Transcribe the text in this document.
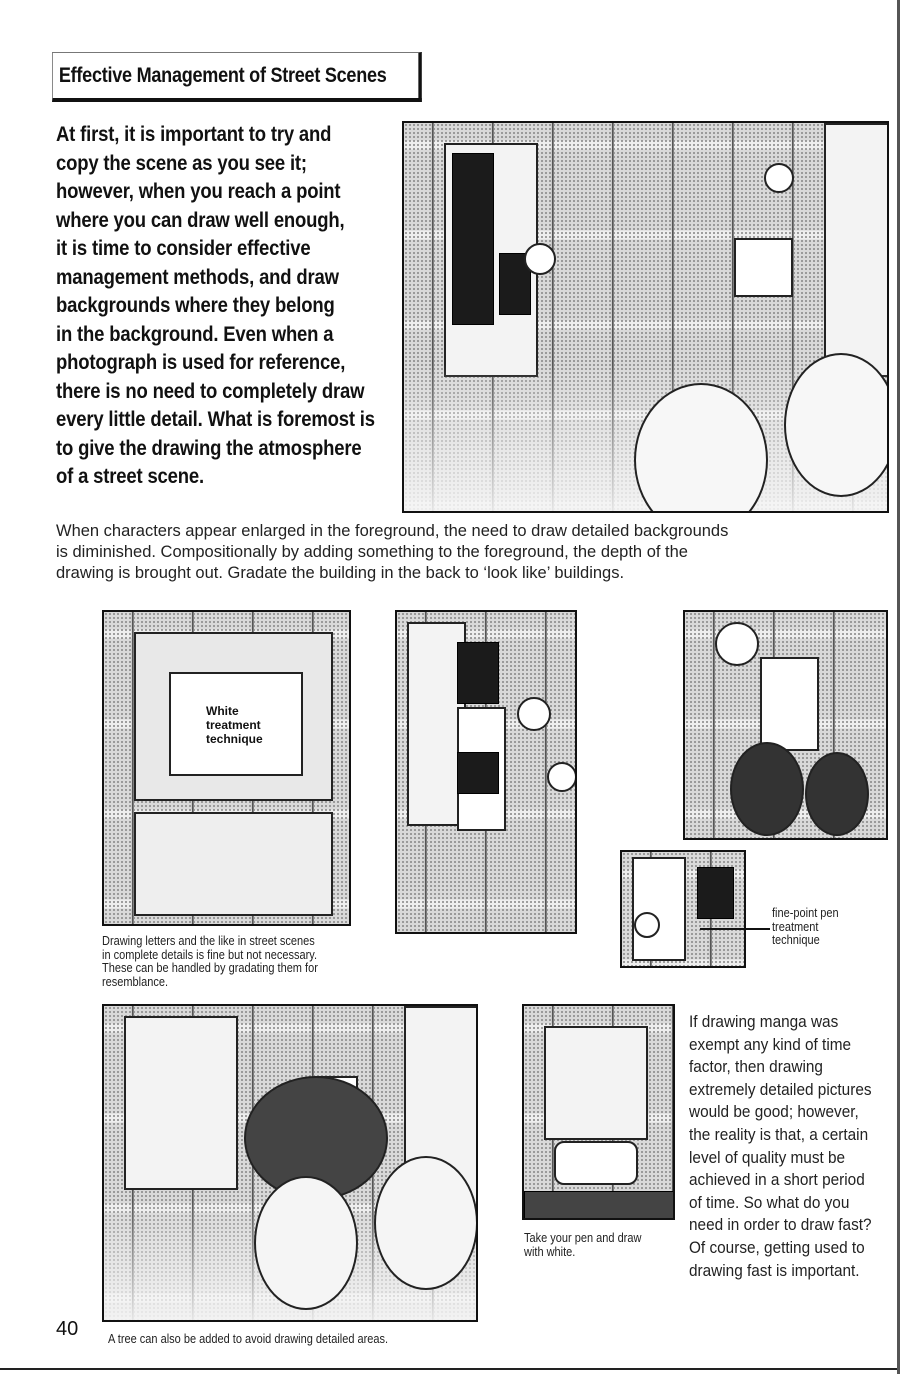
Effective Management of Street Scenes
At first, it is important to try and
copy the scene as you see it;
however, when you reach a point
where you can draw well enough,
it is time to consider effective
management methods, and draw
backgrounds where they belong
in the background. Even when a
photograph is used for reference,
there is no need to completely draw
every little detail. What is foremost is
to give the drawing the atmosphere
of a street scene.
When characters appear enlarged in the foreground, the need to draw detailed backgrounds
is diminished. Compositionally by adding something to the foreground, the depth of the
drawing is brought out. Gradate the building in the back to ‘look like’ buildings.
White
treatment
technique
Drawing letters and the like in street scenes
in complete details is fine but not necessary.
These can be handled by gradating them for
resemblance.
fine-point pen
treatment
technique
A tree can also be added to avoid drawing detailed areas.
Take your pen and draw
with white.
If drawing manga was
exempt any kind of time
factor, then drawing
extremely detailed pictures
would be good; however,
the reality is that, a certain
level of quality must be
achieved in a short period
of time. So what do you
need in order to draw fast?
Of course, getting used to
drawing fast is important.
40
